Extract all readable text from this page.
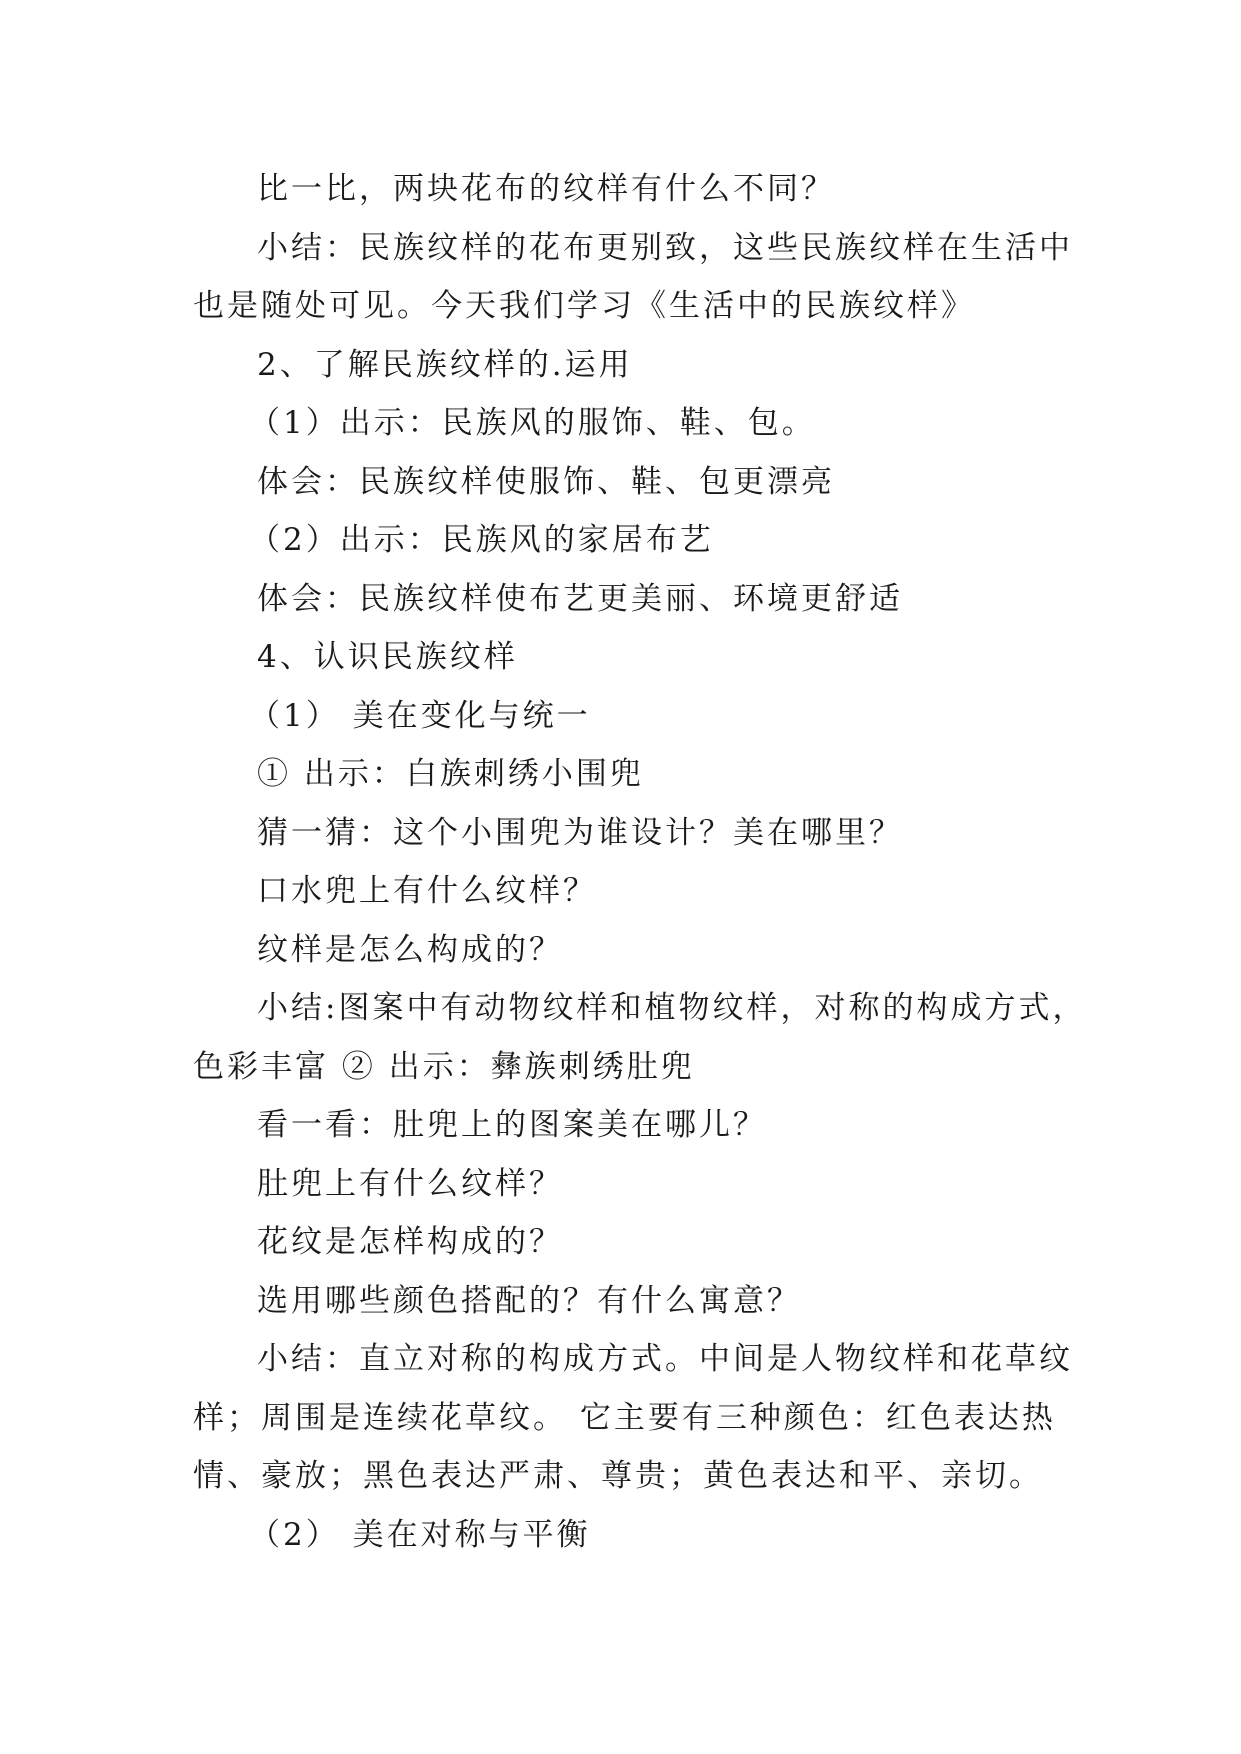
比一比，两块花布的纹样有什么不同？
小结：民族纹样的花布更别致，这些民族纹样在生活中
也是随处可见。今天我们学习《生活中的民族纹样》
2、了解民族纹样的.运用
（1）出示：民族风的服饰、鞋、包。
体会：民族纹样使服饰、鞋、包更漂亮
（2）出示：民族风的家居布艺
体会：民族纹样使布艺更美丽、环境更舒适
4、认识民族纹样
（1） 美在变化与统一
① 出示：白族刺绣小围兜
猜一猜：这个小围兜为谁设计？美在哪里？
口水兜上有什么纹样？
纹样是怎么构成的？
小结:图案中有动物纹样和植物纹样，对称的构成方式，
色彩丰富 ② 出示：彝族刺绣肚兜
看一看：肚兜上的图案美在哪儿？
肚兜上有什么纹样？
花纹是怎样构成的？
选用哪些颜色搭配的？有什么寓意？
小结：直立对称的构成方式。中间是人物纹样和花草纹
样；周围是连续花草纹。 它主要有三种颜色：红色表达热
情、豪放；黑色表达严肃、尊贵；黄色表达和平、亲切。
（2） 美在对称与平衡
